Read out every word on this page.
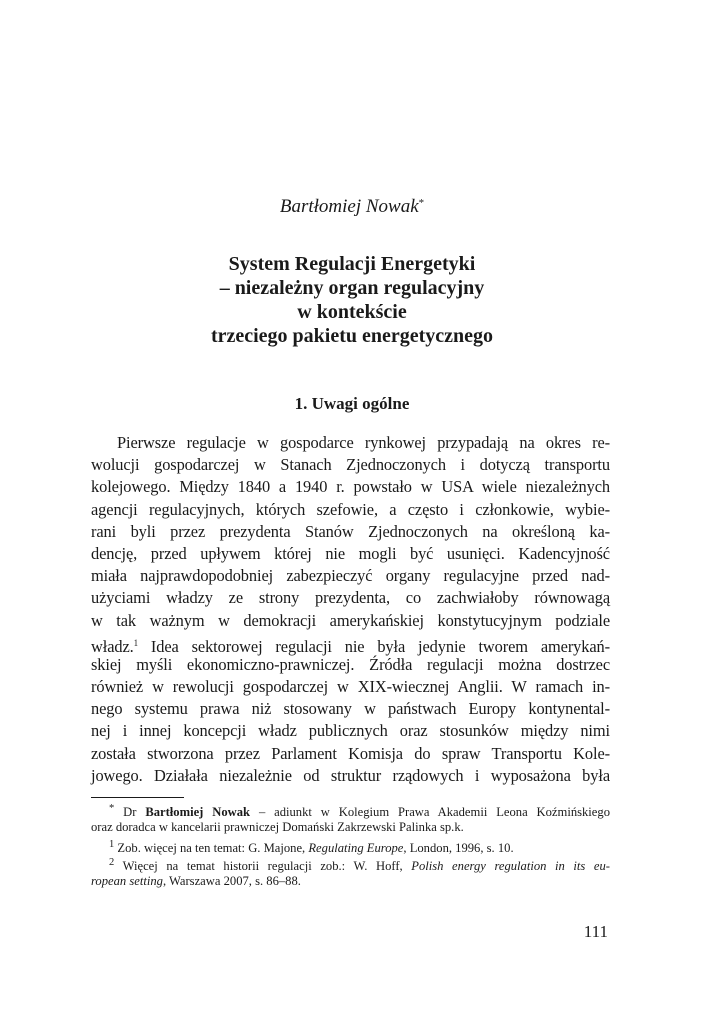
Bartłomiej Nowak*
System Regulacji Energetyki
– niezależny organ regulacyjny
w kontekście
trzeciego pakietu energetycznego
1. Uwagi ogólne
Pierwsze regulacje w gospodarce rynkowej przypadają na okres re-
wolucji gospodarczej w Stanach Zjednoczonych i dotyczą transportu
kolejowego. Między 1840 a 1940 r. powstało w USA wiele niezależnych
agencji regulacyjnych, których szefowie, a często i członkowie, wybie-
rani byli przez prezydenta Stanów Zjednoczonych na określoną ka-
dencję, przed upływem której nie mogli być usunięci. Kadencyjność
miała najprawdopodobniej zabezpieczyć organy regulacyjne przed nad-
użyciami władzy ze strony prezydenta, co zachwiałoby równowagą
w tak ważnym w demokracji amerykańskiej konstytucyjnym podziale
władz.$^1$ Idea sektorowej regulacji nie była jedynie tworem amerykań-
skiej myśli ekonomiczno-prawniczej. Źródła regulacji można dostrzec
również w rewolucji gospodarczej w XIX-wiecznej Anglii. W ramach in-
nego systemu prawa niż stosowany w państwach Europy kontynental-
nej i innej koncepcji władz publicznych oraz stosunków między nimi
została stworzona przez Parlament Komisja do spraw Transportu Kole-
jowego. Działała niezależnie od struktur rządowych i wyposażona była
* Dr Bartłomiej Nowak – adiunkt w Kolegium Prawa Akademii Leona Koźmińskiego
oraz doradca w kancelarii prawniczej Domański Zakrzewski Palinka sp.k.
$^1$ Zob. więcej na ten temat: G. Majone, Regulating Europe, London, 1996, s. 10.
$^2$ Więcej na temat historii regulacji zob.: W. Hoff, Polish energy regulation in its eu-
ropean setting, Warszawa 2007, s. 86–88.
111
